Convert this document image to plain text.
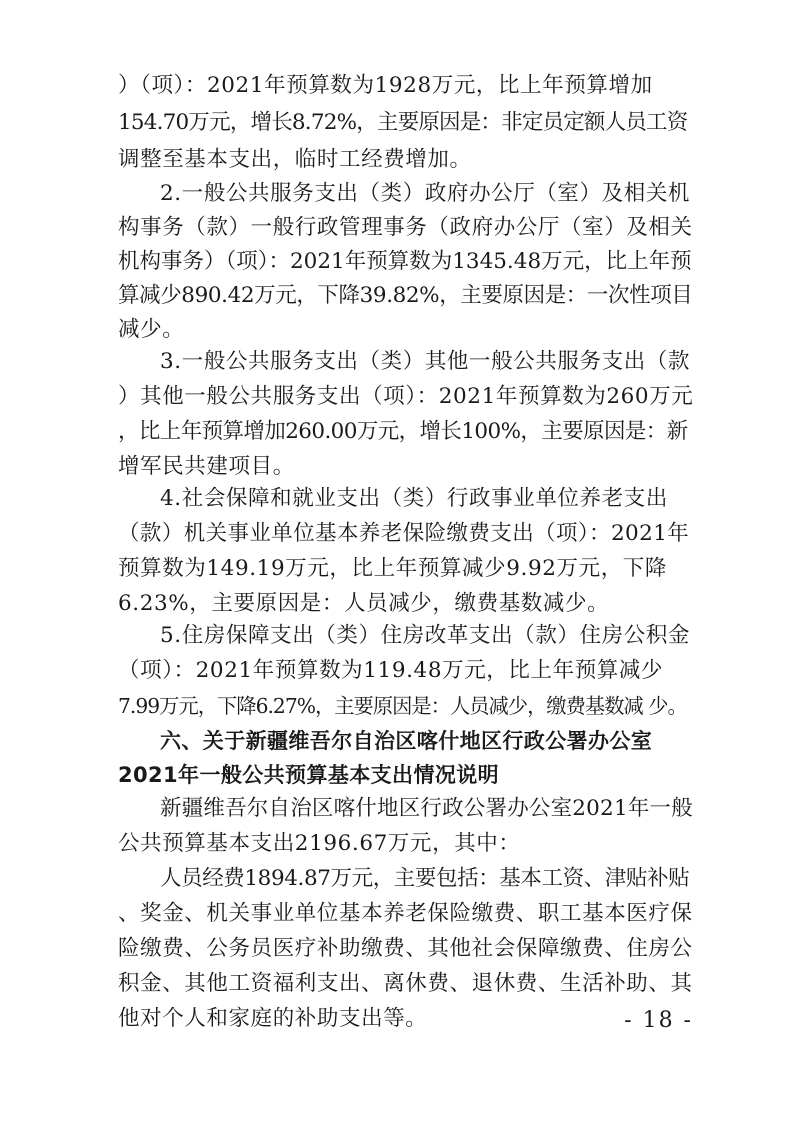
）（项）：2021年预算数为1928万元，比上年预算增加
154.70万元，增长8.72%，主要原因是：非定员定额人员工资
调整至基本支出，临时工经费增加。
2.一般公共服务支出（类）政府办公厅（室）及相关机
构事务（款）一般行政管理事务（政府办公厅（室）及相关
机构事务）（项）：2021年预算数为1345.48万元，比上年预
算减少890.42万元，下降39.82%，主要原因是：一次性项目
减少。
3.一般公共服务支出（类）其他一般公共服务支出（款
）其他一般公共服务支出（项）：2021年预算数为260万元
，比上年预算增加260.00万元，增长100%，主要原因是：新
增军民共建项目。
4.社会保障和就业支出（类）行政事业单位养老支出
（款）机关事业单位基本养老保险缴费支出（项）：2021年
预算数为149.19万元，比上年预算减少9.92万元，下降
6.23%，主要原因是：人员减少，缴费基数减少。
5.住房保障支出（类）住房改革支出（款）住房公积金
（项）：2021年预算数为119.48万元，比上年预算减少
7.99万元，下降6.27%，主要原因是：人员减少，缴费基数减 少。
六、关于新疆维吾尔自治区喀什地区行政公署办公室
2021年一般公共预算基本支出情况说明
新疆维吾尔自治区喀什地区行政公署办公室2021年一般
公共预算基本支出2196.67万元，其中：
人员经费1894.87万元，主要包括：基本工资、津贴补贴
、奖金、机关事业单位基本养老保险缴费、职工基本医疗保
险缴费、公务员医疗补助缴费、其他社会保障缴费、住房公
积金、其他工资福利支出、离休费、退休费、生活补助、其
他对个人和家庭的补助支出等。	- 18 -
